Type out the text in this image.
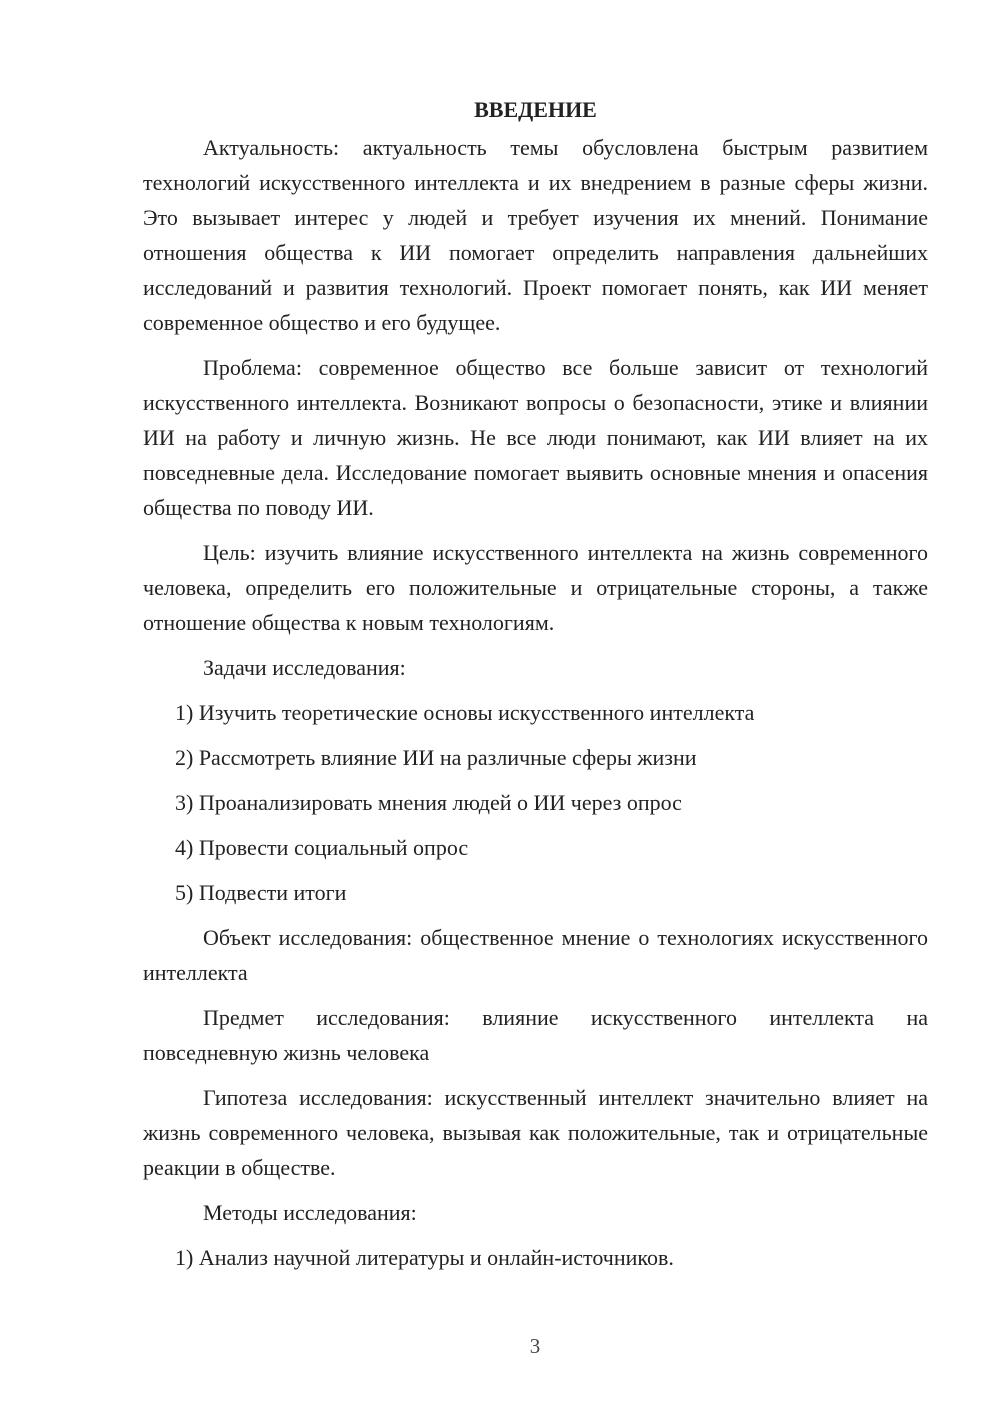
ВВЕДЕНИЕ

Актуальность: актуальность темы обусловлена быстрым развитием технологий искусственного интеллекта и их внедрением в разные сферы жизни. Это вызывает интерес у людей и требует изучения их мнений. Понимание отношения общества к ИИ помогает определить направления дальнейших исследований и развития технологий. Проект помогает понять, как ИИ меняет современное общество и его будущее.

Проблема: современное общество все больше зависит от технологий искусственного интеллекта. Возникают вопросы о безопасности, этике и влиянии ИИ на работу и личную жизнь. Не все люди понимают, как ИИ влияет на их повседневные дела. Исследование помогает выявить основные мнения и опасения общества по поводу ИИ.

Цель: изучить влияние искусственного интеллекта на жизнь современного человека, определить его положительные и отрицательные стороны, а также отношение общества к новым технологиям.

Задачи исследования:

1) Изучить теоретические основы искусственного интеллекта
2) Рассмотреть влияние ИИ на различные сферы жизни
3) Проанализировать мнения людей о ИИ через опрос
4) Провести социальный опрос
5) Подвести итоги

Объект исследования: общественное мнение о технологиях искусственного интеллекта

Предмет исследования: влияние искусственного интеллекта на повседневную жизнь человека

Гипотеза исследования: искусственный интеллект значительно влияет на жизнь современного человека, вызывая как положительные, так и отрицательные реакции в обществе.

Методы исследования:

1) Анализ научной литературы и онлайн-источников.
3
